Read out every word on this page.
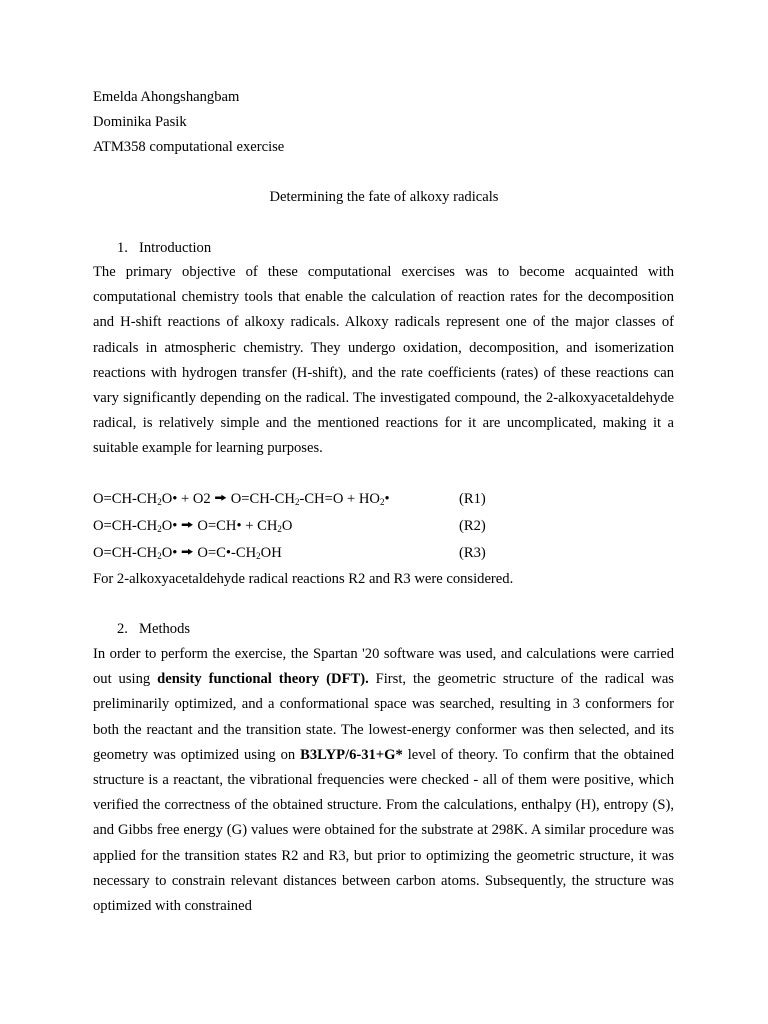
Emelda Ahongshangbam
Dominika Pasik
ATM358 computational exercise
Determining the fate of alkoxy radicals
1. Introduction
The primary objective of these computational exercises was to become acquainted with computational chemistry tools that enable the calculation of reaction rates for the decomposition and H-shift reactions of alkoxy radicals. Alkoxy radicals represent one of the major classes of radicals in atmospheric chemistry. They undergo oxidation, decomposition, and isomerization reactions with hydrogen transfer (H-shift), and the rate coefficients (rates) of these reactions can vary significantly depending on the radical. The investigated compound, the 2-alkoxyacetaldehyde radical, is relatively simple and the mentioned reactions for it are uncomplicated, making it a suitable example for learning purposes.
$O=CH-CH_2O• + O2$ 🠚 $O=CH-CH_2-CH=O$ + $HO_2•$	(R1)
$O=CH-CH_2O•$ 🠚 O=CH• + $CH_2O$	(R2)
$O=CH-CH_2O•$ 🠚 $O=C•-CH_2OH$	(R3)
For 2-alkoxyacetaldehyde radical reactions R2 and R3 were considered.
2. Methods
In order to perform the exercise, the Spartan '20 software was used, and calculations were carried out using density functional theory (DFT). First, the geometric structure of the radical was preliminarily optimized, and a conformational space was searched, resulting in 3 conformers for both the reactant and the transition state. The lowest-energy conformer was then selected, and its geometry was optimized using on B3LYP/6-31+G* level of theory. To confirm that the obtained structure is a reactant, the vibrational frequencies were checked - all of them were positive, which verified the correctness of the obtained structure. From the calculations, enthalpy (H), entropy (S), and Gibbs free energy (G) values were obtained for the substrate at 298K. A similar procedure was applied for the transition states R2 and R3, but prior to optimizing the geometric structure, it was necessary to constrain relevant distances between carbon atoms. Subsequently, the structure was optimized with constrained
